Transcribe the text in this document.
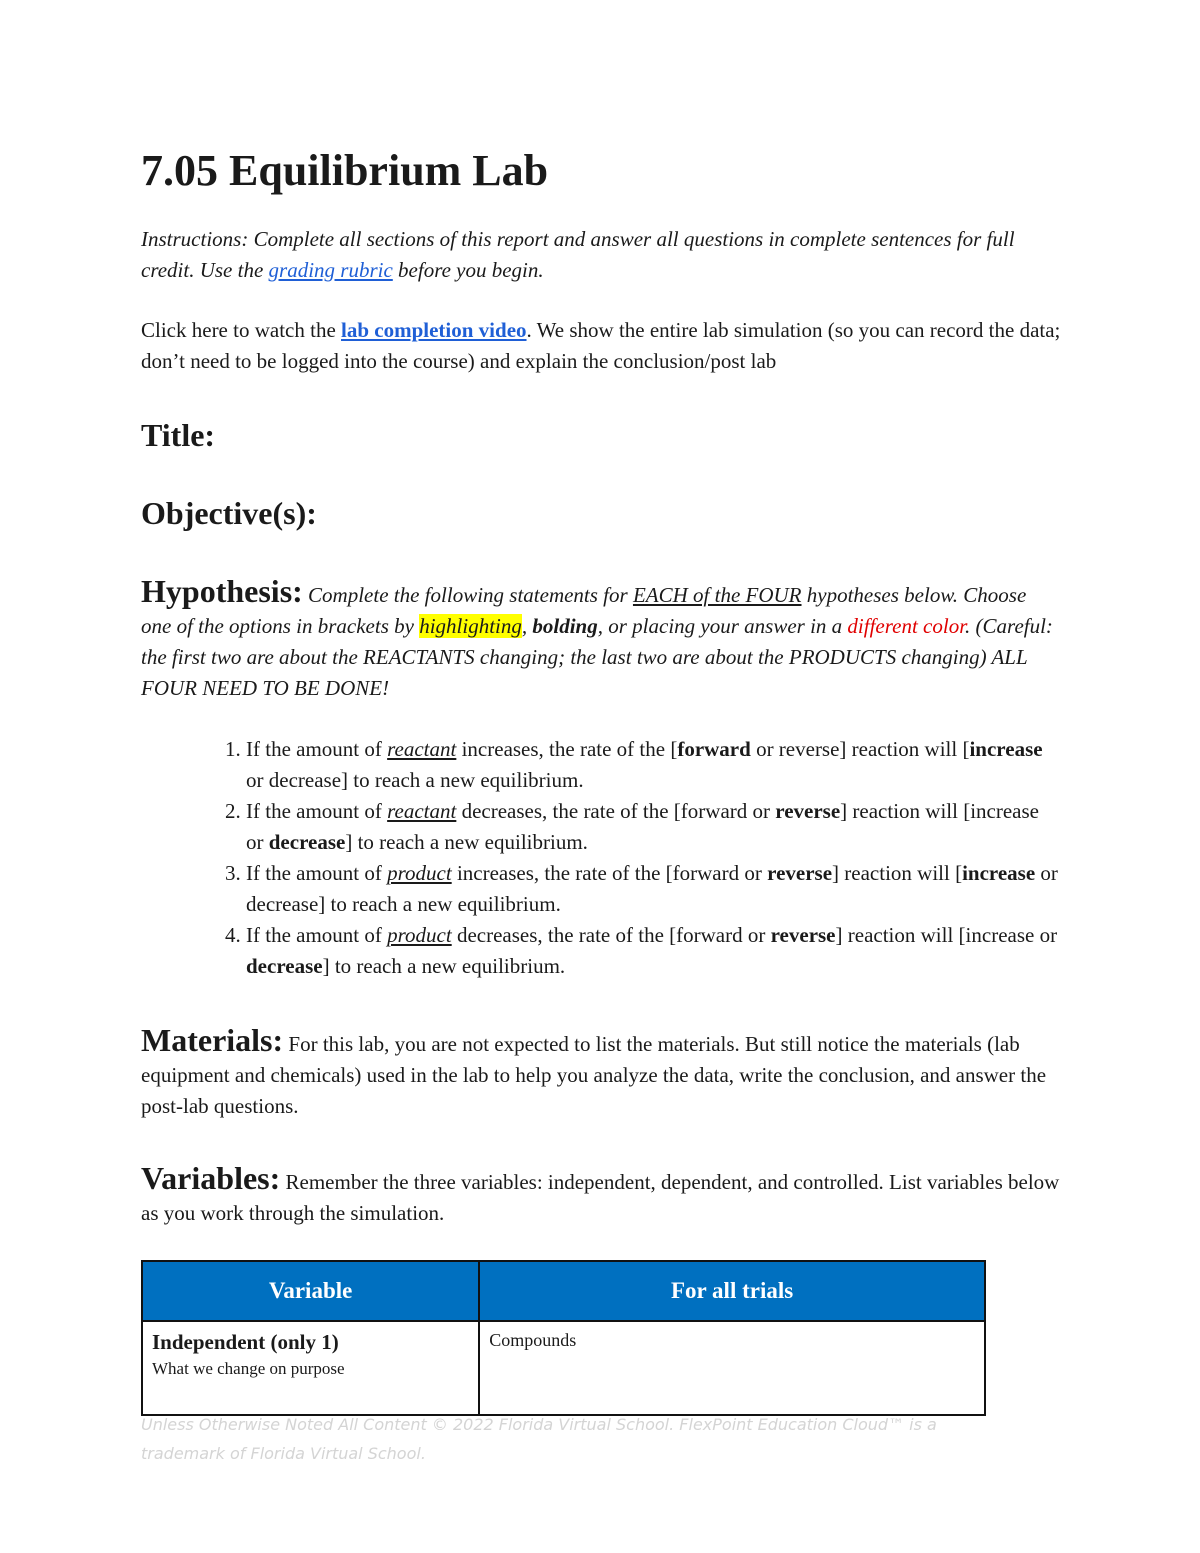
7.05 Equilibrium Lab
Instructions: Complete all sections of this report and answer all questions in complete sentences for full credit. Use the grading rubric before you begin.
Click here to watch the lab completion video. We show the entire lab simulation (so you can record the data; don’t need to be logged into the course) and explain the conclusion/post lab
Title:
Objective(s):
Hypothesis: Complete the following statements for EACH of the FOUR hypotheses below. Choose one of the options in brackets by highlighting, bolding, or placing your answer in a different color. (Careful: the first two are about the REACTANTS changing; the last two are about the PRODUCTS changing) ALL FOUR NEED TO BE DONE!
1. If the amount of reactant increases, the rate of the [forward or reverse] reaction will [increase or decrease] to reach a new equilibrium.
2. If the amount of reactant decreases, the rate of the [forward or reverse] reaction will [increase or decrease] to reach a new equilibrium.
3. If the amount of product increases, the rate of the [forward or reverse] reaction will [increase or decrease] to reach a new equilibrium.
4. If the amount of product decreases, the rate of the [forward or reverse] reaction will [increase or decrease] to reach a new equilibrium.
Materials: For this lab, you are not expected to list the materials. But still notice the materials (lab equipment and chemicals) used in the lab to help you analyze the data, write the conclusion, and answer the post-lab questions.
Variables: Remember the three variables: independent, dependent, and controlled. List variables below as you work through the simulation.
Variable	For all trials

Independent (only 1)
What we change on purpose	Compounds
Unless Otherwise Noted All Content © 2022 Florida Virtual School. FlexPoint Education Cloud™ is a trademark of Florida Virtual School.
